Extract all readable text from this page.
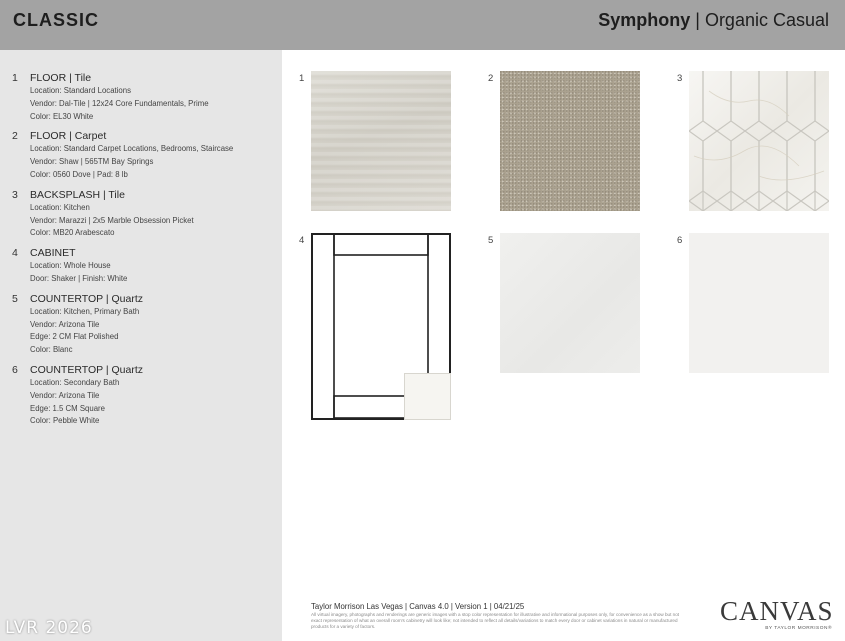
CLASSIC	Symphony | Organic Casual
1 FLOOR | Tile
Location: Standard Locations
Vendor: Dal-Tile | 12x24 Core Fundamentals, Prime
Color: EL30 White
2 FLOOR | Carpet
Location: Standard Carpet Locations, Bedrooms, Staircase
Vendor: Shaw | 565TM Bay Springs
Color: 0560 Dove | Pad: 8 lb
3 BACKSPLASH | Tile
Location: Kitchen
Vendor: Marazzi | 2x5 Marble Obsession Picket
Color: MB20 Arabescato
4 CABINET
Location: Whole House
Door: Shaker | Finish: White
5 COUNTERTOP | Quartz
Location: Kitchen, Primary Bath
Vendor: Arizona Tile
Edge: 2 CM Flat Polished
Color: Blanc
6 COUNTERTOP | Quartz
Location: Secondary Bath
Vendor: Arizona Tile
Edge: 1.5 CM Square
Color: Pebble White
LVR 2026
1	2	3
4	5	6
Taylor Morrison Las Vegas | Canvas 4.0 | Version 1 | 04/21/25
All virtual imagery, photographs and renderings are generic images with a stop color representation for illustrative and informational purposes only, for convenience as a show but not exact representation of what an overall room's cabinetry will look like; not intended to reflect all details/variations to match every door or cabinet variations in natural or manufactured products for a variety of factors.
CANVAS
BY TAYLOR MORRISON®
